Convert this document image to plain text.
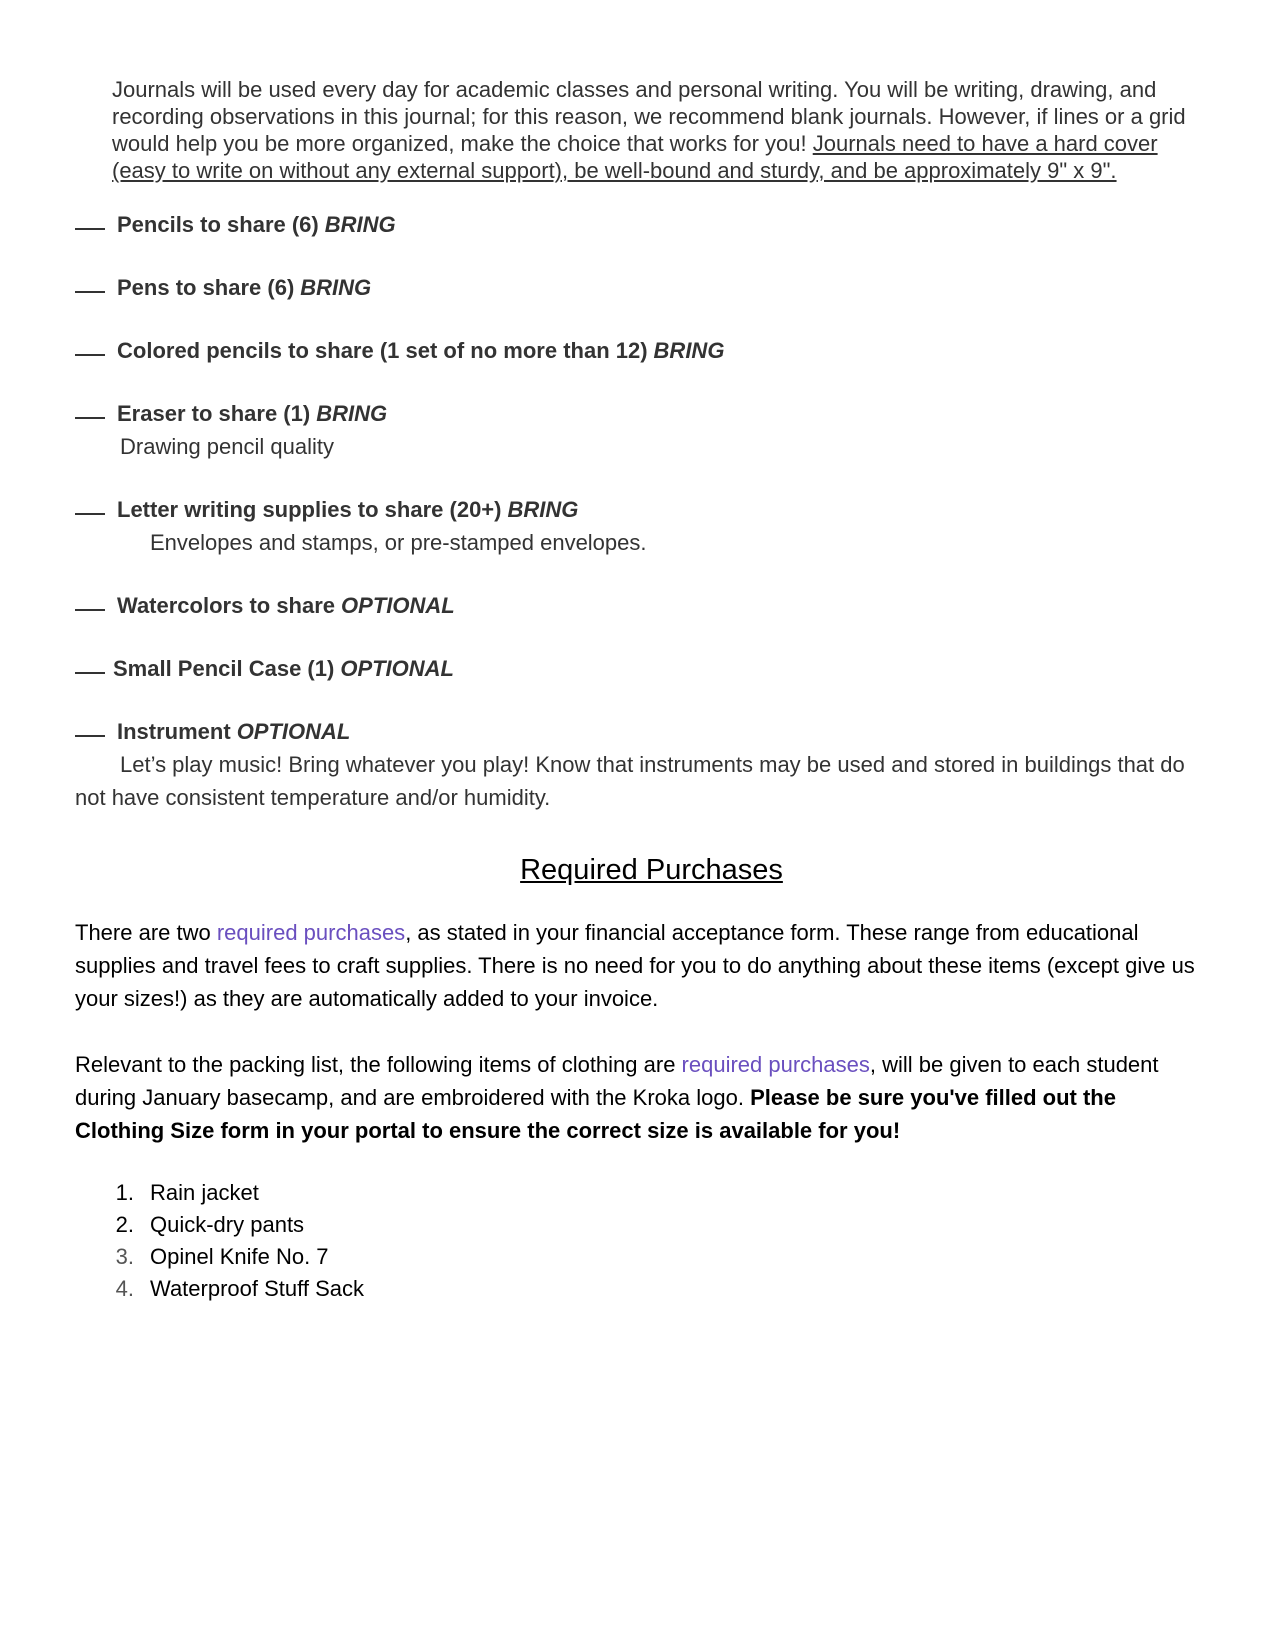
Journals will be used every day for academic classes and personal writing. You will be writing, drawing, and recording observations in this journal; for this reason, we recommend blank journals. However, if lines or a grid would help you be more organized, make the choice that works for you! Journals need to have a hard cover (easy to write on without any external support), be well-bound and sturdy, and be approximately 9" x 9".
Pencils to share (6) BRING
Pens to share (6) BRING
Colored pencils to share (1 set of no more than 12) BRING
Eraser to share (1) BRING
Drawing pencil quality
Letter writing supplies to share (20+) BRING
Envelopes and stamps, or pre-stamped envelopes.
Watercolors to share OPTIONAL
Small Pencil Case (1) OPTIONAL
Instrument OPTIONAL
Let’s play music! Bring whatever you play! Know that instruments may be used and stored in buildings that do not have consistent temperature and/or humidity.
Required Purchases
There are two required purchases, as stated in your financial acceptance form. These range from educational supplies and travel fees to craft supplies. There is no need for you to do anything about these items (except give us your sizes!) as they are automatically added to your invoice.
Relevant to the packing list, the following items of clothing are required purchases, will be given to each student during January basecamp, and are embroidered with the Kroka logo. Please be sure you've filled out the Clothing Size form in your portal to ensure the correct size is available for you!
1. Rain jacket
2. Quick-dry pants
3. Opinel Knife No. 7
4. Waterproof Stuff Sack
